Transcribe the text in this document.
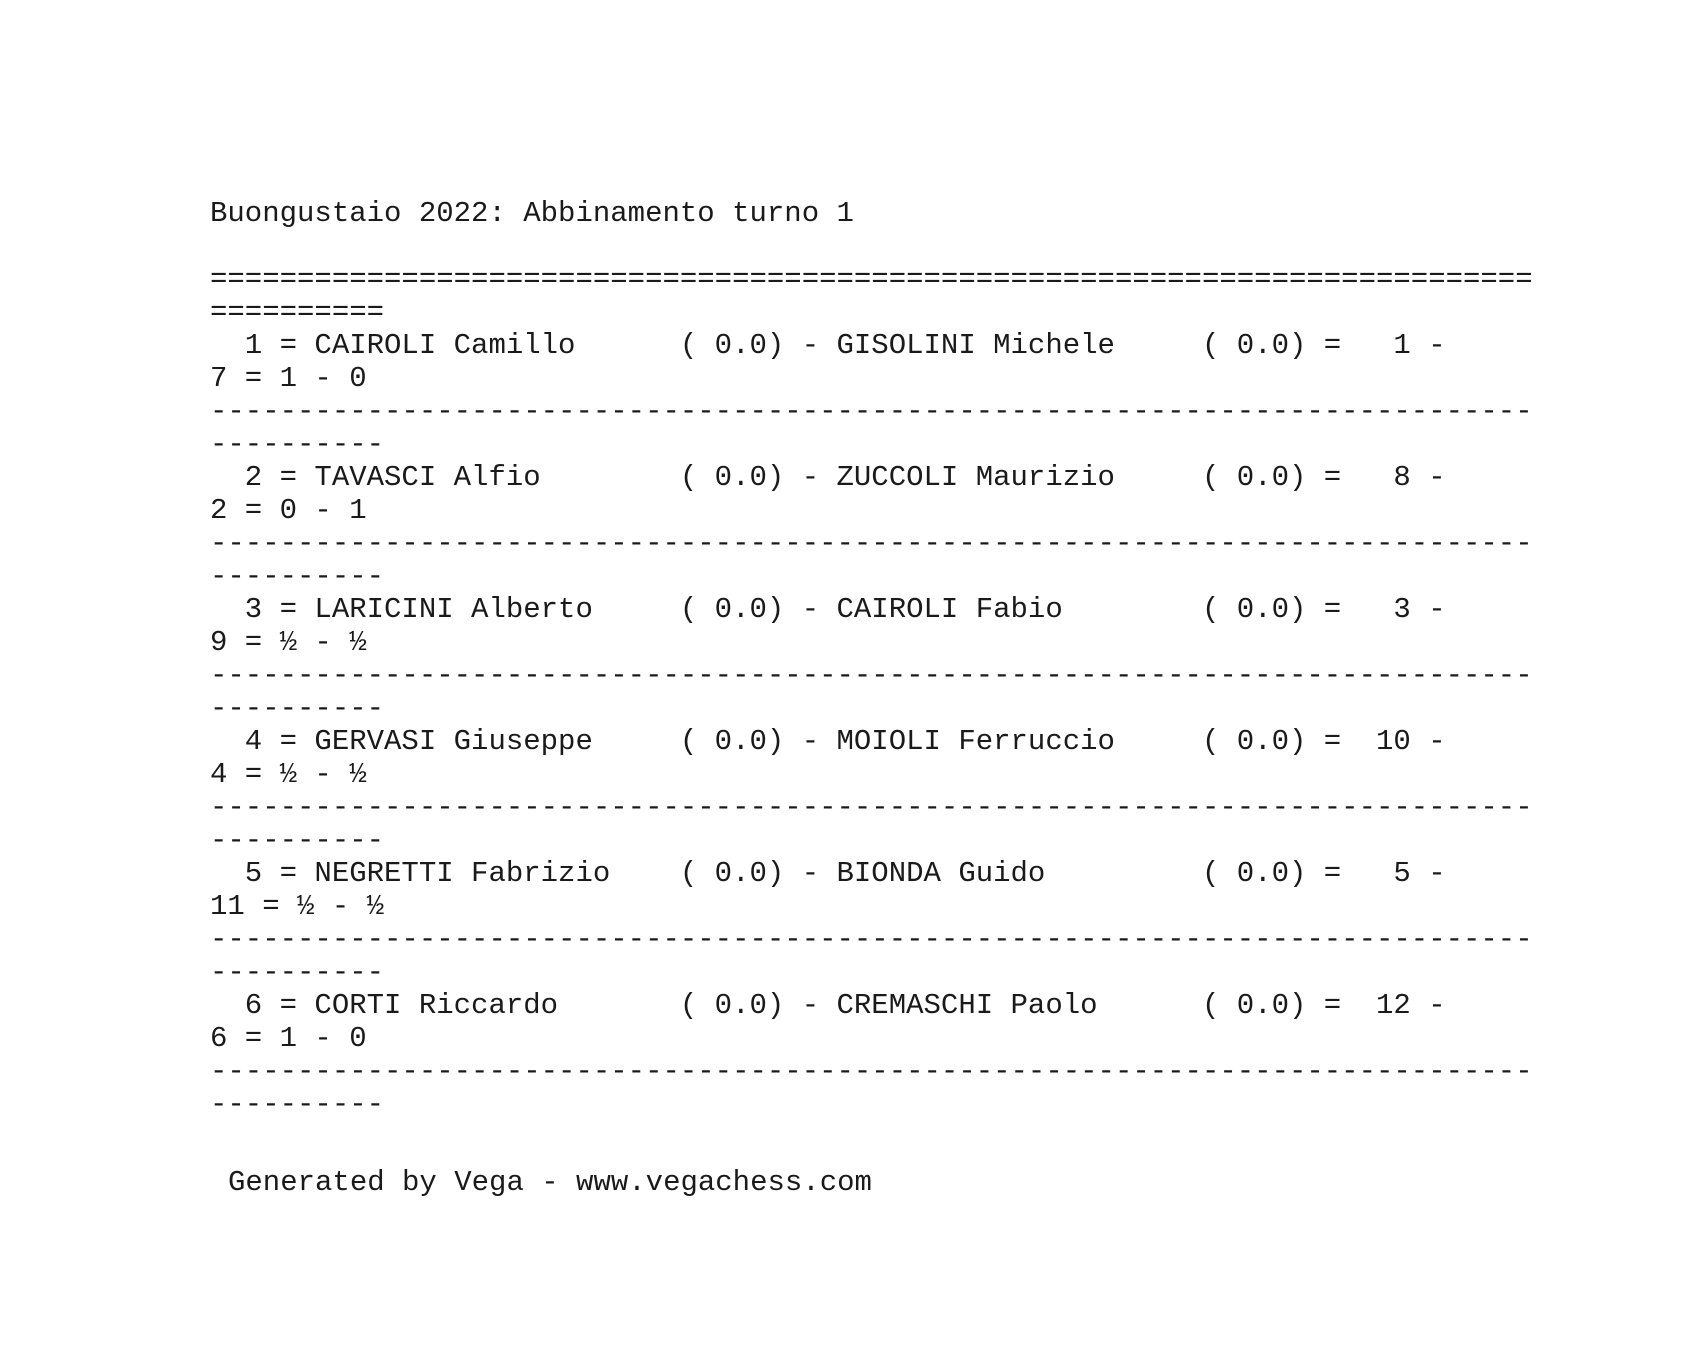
Buongustaio 2022: Abbinamento turno 1
============================================================================
==========
1 = CAIROLI Camillo      ( 0.0) - GISOLINI Michele     ( 0.0) =   1 -
7 = 1 - 0
----------------------------------------------------------------------------
----------
2 = TAVASCI Alfio        ( 0.0) - ZUCCOLI Maurizio     ( 0.0) =   8 -
2 = 0 - 1
----------------------------------------------------------------------------
----------
3 = LARICINI Alberto     ( 0.0) - CAIROLI Fabio        ( 0.0) =   3 -
9 = ½ - ½
----------------------------------------------------------------------------
----------
4 = GERVASI Giuseppe     ( 0.0) - MOIOLI Ferruccio     ( 0.0) =  10 -
4 = ½ - ½
----------------------------------------------------------------------------
----------
5 = NEGRETTI Fabrizio    ( 0.0) - BIONDA Guido         ( 0.0) =   5 -
11 = ½ - ½
----------------------------------------------------------------------------
----------
6 = CORTI Riccardo       ( 0.0) - CREMASCHI Paolo      ( 0.0) =  12 -
6 = 1 - 0
----------------------------------------------------------------------------
----------
Generated by Vega - www.vegachess.com
